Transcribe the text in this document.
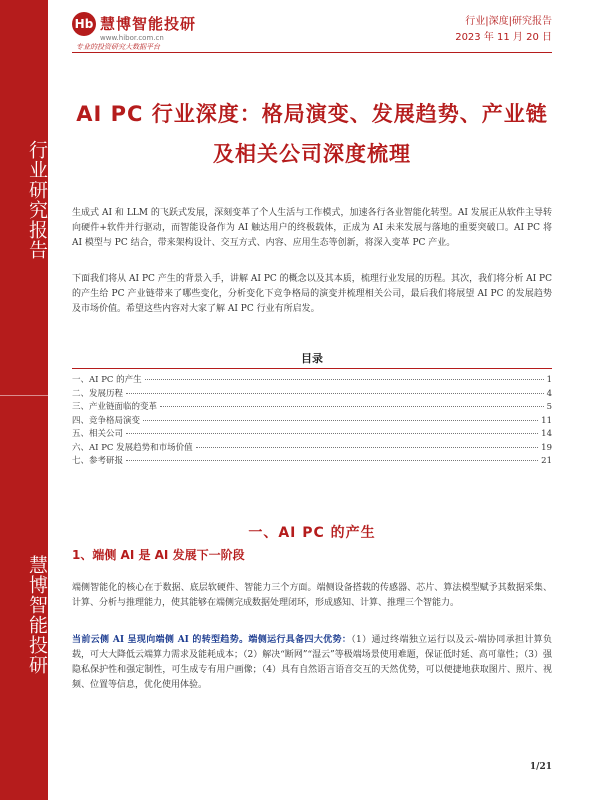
行业研究报告
慧博智能投研
Hb 慧博智能投研
www.hibor.com.cn
专业的投资研究大数据平台
行业|深度|研究报告
2023 年 11 月 20 日
AI PC 行业深度：格局演变、发展趋势、产业链及相关公司深度梳理
生成式 AI 和 LLM 的飞跃式发展，深刻变革了个人生活与工作模式，加速各行各业智能化转型。AI 发展正从软件主导转向硬件+软件并行驱动，而智能设备作为 AI 触达用户的终极载体，正成为 AI 未来发展与落地的重要突破口。AI PC 将 AI 模型与 PC 结合，带来架构设计、交互方式、内容、应用生态等创新，将深入变革 PC 产业。
下面我们将从 AI PC 产生的背景入手，讲解 AI PC 的概念以及其本质，梳理行业发展的历程。其次，我们将分析 AI PC 的产生给 PC 产业链带来了哪些变化，分析变化下竞争格局的演变并梳理相关公司，最后我们将展望 AI PC 的发展趋势及市场价值。希望这些内容对大家了解 AI PC 行业有所启发。
目录
一、AI PC 的产生	1
二、发展历程	4
三、产业链面临的变革	5
四、竞争格局演变	11
五、相关公司	14
六、AI PC 发展趋势和市场价值	19
七、参考研报	21
一、AI PC 的产生
1、端侧 AI 是 AI 发展下一阶段
端侧智能化的核心在于数据、底层软硬件、智能力三个方面。端侧设备搭载的传感器、芯片、算法模型赋予其数据采集、计算、分析与推理能力，使其能够在端侧完成数据处理闭环，形成感知、计算、推理三个智能力。
当前云侧 AI 呈现向端侧 AI 的转型趋势。端侧运行具备四大优势：（1）通过终端独立运行以及云-端协同承担计算负载，可大大降低云端算力需求及能耗成本；（2）解决“断网”“湿云”等极端场景使用难题，保证低时延、高可靠性；（3）强隐私保护性和强定制性，可生成专有用户画像；（4）具有自然语言语音交互的天然优势，可以便捷地获取图片、照片、视频、位置等信息，优化使用体验。
1/21
